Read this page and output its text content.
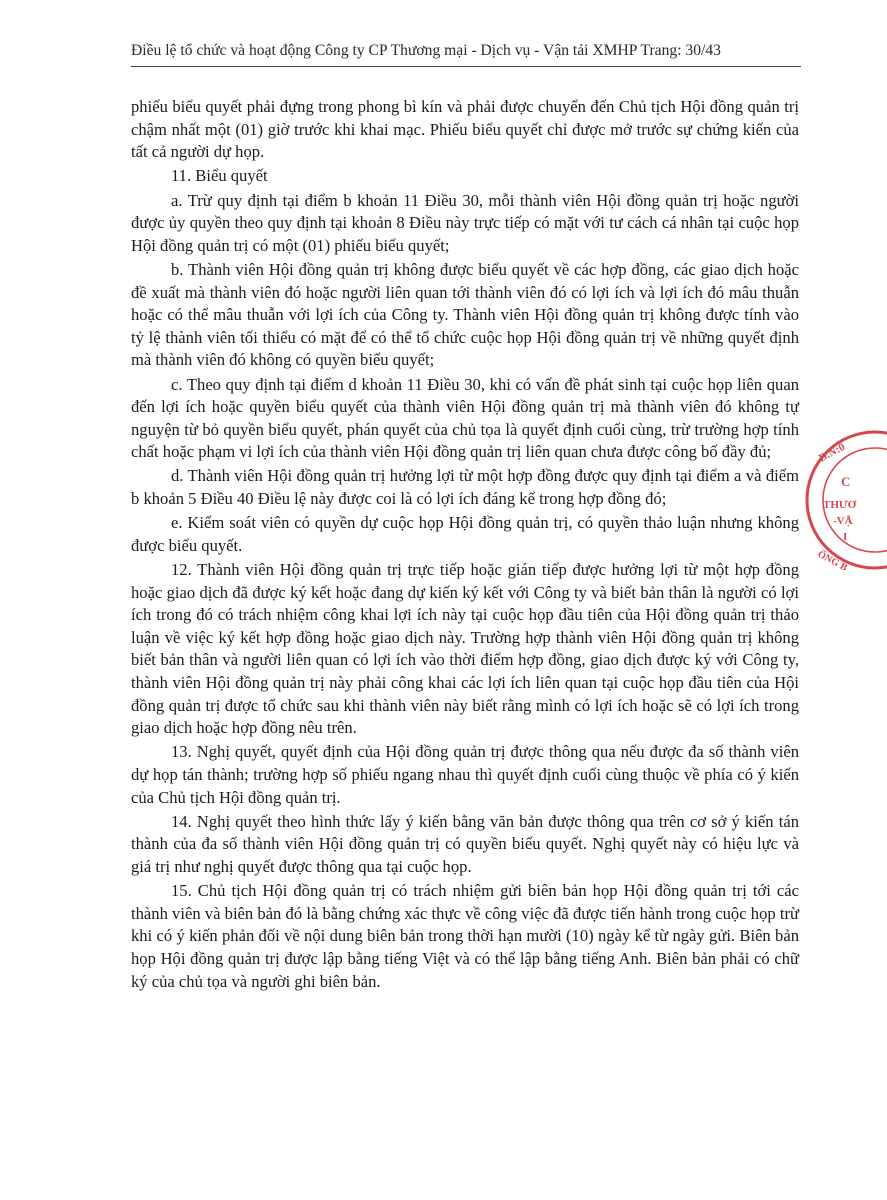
Điều lệ tổ chức và hoạt động Công ty CP Thương mại - Dịch vụ - Vận tải XMHP Trang: 30/43

phiếu biểu quyết phải đựng trong phong bì kín và phải được chuyển đến Chủ tịch Hội đồng quản trị chậm nhất một (01) giờ trước khi khai mạc. Phiếu biểu quyết chỉ được mở trước sự chứng kiến của tất cả người dự họp.

11. Biểu quyết

a. Trừ quy định tại điểm b khoản 11 Điều 30, mỗi thành viên Hội đồng quản trị hoặc người được ủy quyền theo quy định tại khoản 8 Điều này trực tiếp có mặt với tư cách cá nhân tại cuộc họp Hội đồng quản trị có một (01) phiếu biểu quyết;

b. Thành viên Hội đồng quản trị không được biểu quyết về các hợp đồng, các giao dịch hoặc đề xuất mà thành viên đó hoặc người liên quan tới thành viên đó có lợi ích và lợi ích đó mâu thuẫn hoặc có thể mâu thuẫn với lợi ích của Công ty. Thành viên Hội đồng quản trị không được tính vào tỷ lệ thành viên tối thiểu có mặt để có thể tổ chức cuộc họp Hội đồng quản trị về những quyết định mà thành viên đó không có quyền biểu quyết;

c. Theo quy định tại điểm d khoản 11 Điều 30, khi có vấn đề phát sinh tại cuộc họp liên quan đến lợi ích hoặc quyền biểu quyết của thành viên Hội đồng quản trị mà thành viên đó không tự nguyện từ bỏ quyền biểu quyết, phán quyết của chủ tọa là quyết định cuối cùng, trừ trường hợp tính chất hoặc phạm vi lợi ích của thành viên Hội đồng quản trị liên quan chưa được công bố đầy đủ;

d. Thành viên Hội đồng quản trị hưởng lợi từ một hợp đồng được quy định tại điểm a và điểm b khoản 5 Điều 40 Điều lệ này được coi là có lợi ích đáng kể trong hợp đồng đó;

e. Kiểm soát viên có quyền dự cuộc họp Hội đồng quản trị, có quyền thảo luận nhưng không được biểu quyết.

12. Thành viên Hội đồng quản trị trực tiếp hoặc gián tiếp được hưởng lợi từ một hợp đồng hoặc giao dịch đã được ký kết hoặc đang dự kiến ký kết với Công ty và biết bản thân là người có lợi ích trong đó có trách nhiệm công khai lợi ích này tại cuộc họp đầu tiên của Hội đồng quản trị thảo luận về việc ký kết hợp đồng hoặc giao dịch này. Trường hợp thành viên Hội đồng quản trị không biết bản thân và người liên quan có lợi ích vào thời điểm hợp đồng, giao dịch được ký với Công ty, thành viên Hội đồng quản trị này phải công khai các lợi ích liên quan tại cuộc họp đầu tiên của Hội đồng quản trị được tổ chức sau khi thành viên này biết rằng mình có lợi ích hoặc sẽ có lợi ích trong giao dịch hoặc hợp đồng nêu trên.

13. Nghị quyết, quyết định của Hội đồng quản trị được thông qua nếu được đa số thành viên dự họp tán thành; trường hợp số phiếu ngang nhau thì quyết định cuối cùng thuộc về phía có ý kiến của Chủ tịch Hội đồng quản trị.

14. Nghị quyết theo hình thức lấy ý kiến bằng văn bản được thông qua trên cơ sở ý kiến tán thành của đa số thành viên Hội đồng quản trị có quyền biểu quyết. Nghị quyết này có hiệu lực và giá trị như nghị quyết được thông qua tại cuộc họp.

15. Chủ tịch Hội đồng quản trị có trách nhiệm gửi biên bản họp Hội đồng quản trị tới các thành viên và biên bản đó là bằng chứng xác thực về công việc đã được tiến hành trong cuộc họp trừ khi có ý kiến phản đối về nội dung biên bản trong thời hạn mười (10) ngày kể từ ngày gửi. Biên bản họp Hội đồng quản trị được lập bằng tiếng Việt và có thể lập bằng tiếng Anh. Biên bản phải có chữ ký của chủ tọa và người ghi biên bản.

Đ.N:0
C
THƯƠ
-VẬ
I
ỐNG B
